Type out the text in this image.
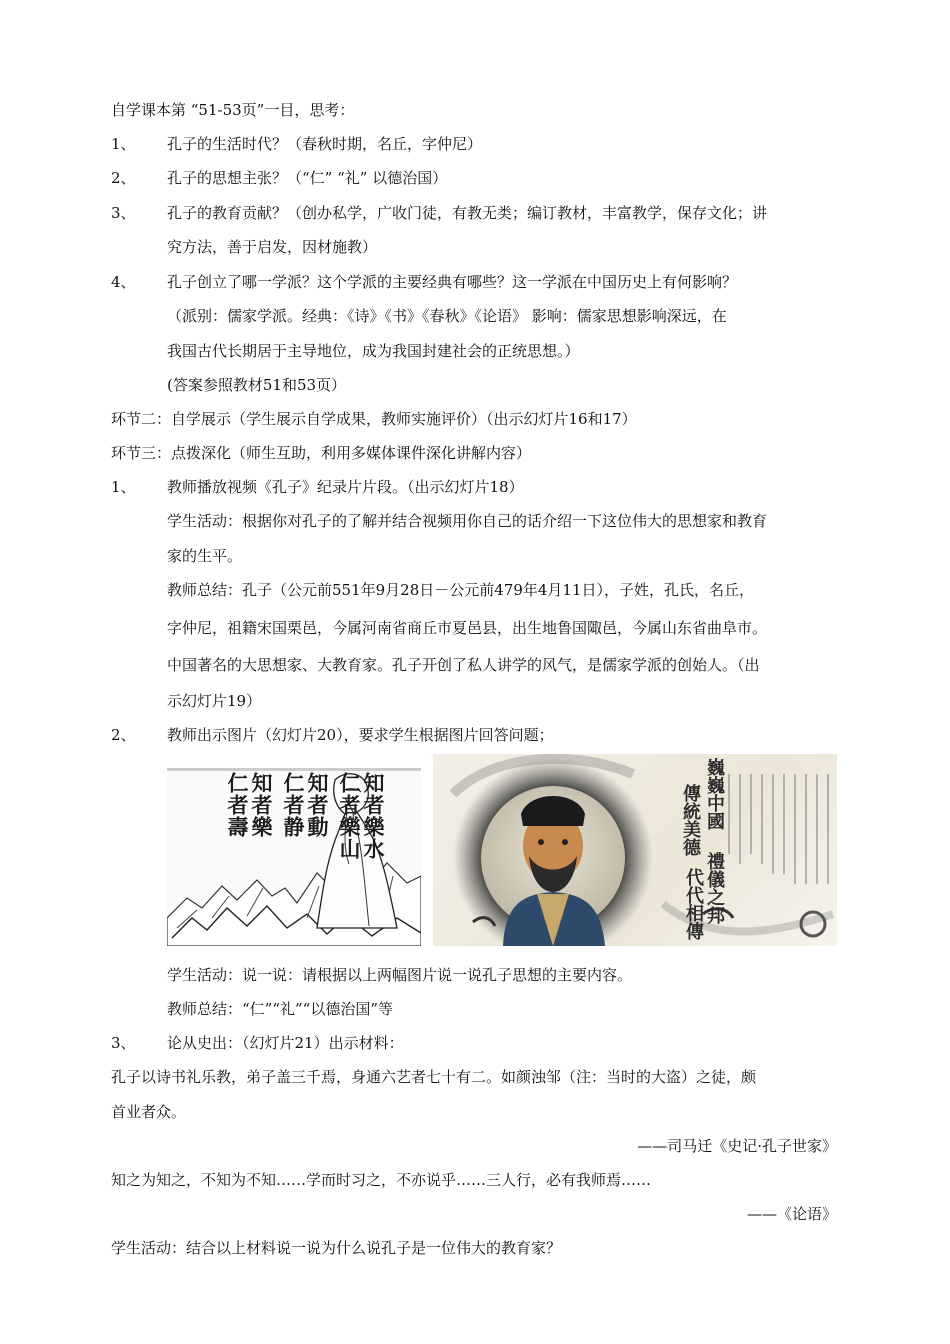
自学课本第 “51-53页”一目，思考：
1、 孔子的生活时代？（春秋时期，名丘，字仲尼）
2、 孔子的思想主张？（“仁” “礼” 以德治国）
3、 孔子的教育贡献？（创办私学，广收门徒，有教无类；编订教材，丰富教学，保存文化；讲
究方法，善于启发，因材施教）
4、 孔子创立了哪一学派？这个学派的主要经典有哪些？这一学派在中国历史上有何影响？
（派别：儒家学派。经典：《诗》《书》《春秋》《论语》 影响：儒家思想影响深远，在
我国古代长期居于主导地位，成为我国封建社会的正统思想。）
(答案参照教材51和53页）
环节二：自学展示（学生展示自学成果，教师实施评价）（出示幻灯片16和17）
环节三：点拨深化（师生互助，利用多媒体课件深化讲解内容）
1、 教师播放视频《孔子》纪录片片段。（出示幻灯片18）
学生活动：根据你对孔子的了解并结合视频用你自己的话介绍一下这位伟大的思想家和教育
家的生平。
教师总结：孔子（公元前551年9月28日－公元前479年4月11日），子姓，孔氏，名丘，
字仲尼，祖籍宋国栗邑，今属河南省商丘市夏邑县，出生地鲁国陬邑，今属山东省曲阜市。
中国著名的大思想家、大教育家。孔子开创了私人讲学的风气，是儒家学派的创始人。（出
示幻灯片19）
2、 教师出示图片（幻灯片20），要求学生根据图片回答问题；
知者樂水
仁者樂山
知者動
仁者静
知者樂
仁者壽	傳統美德 巍巍中國
代代相傳 禮儀之邦
学生活动：说一说：请根据以上两幅图片说一说孔子思想的主要内容。
教师总结：“仁”“礼”“以德治国”等
3、 论从史出：（幻灯片21）出示材料：
孔子以诗书礼乐教，弟子盖三千焉，身通六艺者七十有二。如颜浊邹（注：当时的大盗）之徒，颇
首业者众。
——司马迁《史记·孔子世家》
知之为知之，不知为不知……学而时习之，不亦说乎……三人行，必有我师焉……
——《论语》
学生活动：结合以上材料说一说为什么说孔子是一位伟大的教育家？
